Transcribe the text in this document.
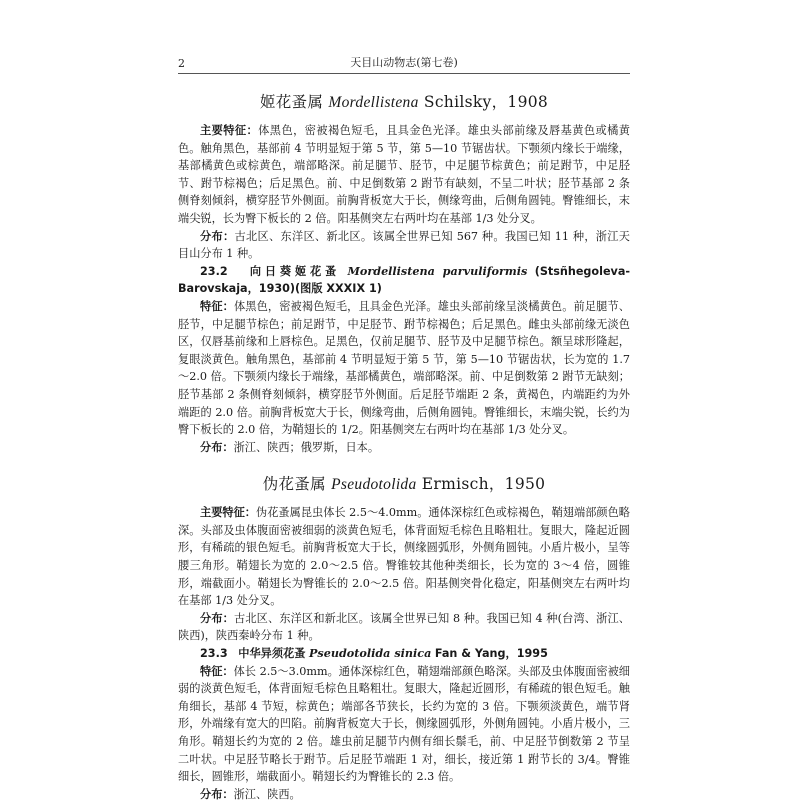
2	天目山动物志(第七卷)
姬花蚤属 Mordellistena Schilsky，1908

主要特征：体黑色，密被褐色短毛，且具金色光泽。雄虫头部前缘及唇基黄色或橘黄色。触角黑色，基部前 4 节明显短于第 5 节，第 5—10 节锯齿状。下颚须内缘长于端缘，基部橘黄色或棕黄色，端部略深。前足腿节、胫节，中足腿节棕黄色；前足跗节，中足胫节、跗节棕褐色；后足黑色。前、中足倒数第 2 跗节有缺刻，不呈二叶状；胫节基部 2 条侧脊刻倾斜，横穿胫节外侧面。前胸背板宽大于长，侧缘弯曲，后侧角圆钝。臀锥细长，末端尖锐，长为臀下板长的 2 倍。阳基侧突左右两叶均在基部 1/3 处分叉。

分布：古北区、东洋区、新北区。该属全世界已知 567 种。我国已知 11 种，浙江天目山分布 1 种。

23.2 向日葵姬花蚤 Mordellistena parvuliformis (Stsñhegoleva-Barovskaja，1930)(图版 XXXIX 1)

特征：体黑色，密被褐色短毛，且具金色光泽。雄虫头部前缘呈淡橘黄色。前足腿节、胫节，中足腿节棕色；前足跗节，中足胫节、跗节棕褐色；后足黑色。雌虫头部前缘无淡色区，仅唇基前缘和上唇棕色。足黑色，仅前足腿节、胫节及中足腿节棕色。额呈球形隆起，复眼淡黄色。触角黑色，基部前 4 节明显短于第 5 节，第 5—10 节锯齿状，长为宽的 1.7～2.0 倍。下颚须内缘长于端缘，基部橘黄色，端部略深。前、中足倒数第 2 跗节无缺刻；胫节基部 2 条侧脊刻倾斜，横穿胫节外侧面。后足胫节端距 2 条，黄褐色，内端距约为外端距的 2.0 倍。前胸背板宽大于长，侧缘弯曲，后侧角圆钝。臀锥细长，末端尖锐，长约为臀下板长的 2.0 倍，为鞘翅长的 1/2。阳基侧突左右两叶均在基部 1/3 处分叉。

分布：浙江、陕西；俄罗斯，日本。

伪花蚤属 Pseudotolida Ermisch，1950

主要特征：伪花蚤属昆虫体长 2.5～4.0mm。通体深棕红色或棕褐色，鞘翅端部颜色略深。头部及虫体腹面密被细弱的淡黄色短毛，体背面短毛棕色且略粗壮。复眼大，隆起近圆形，有稀疏的银色短毛。前胸背板宽大于长，侧缘圆弧形，外侧角圆钝。小盾片极小，呈等腰三角形。鞘翅长为宽的 2.0～2.5 倍。臀锥较其他种类细长，长为宽的 3～4 倍，圆锥形，端截面小。鞘翅长为臀锥长的 2.0～2.5 倍。阳基侧突骨化稳定，阳基侧突左右两叶均在基部 1/3 处分叉。

分布：古北区、东洋区和新北区。该属全世界已知 8 种。我国已知 4 种(台湾、浙江、陕西)，陕西秦岭分布 1 种。

23.3 中华异须花蚤 Pseudotolida sinica Fan & Yang，1995

特征：体长 2.5～3.0mm。通体深棕红色，鞘翅端部颜色略深。头部及虫体腹面密被细弱的淡黄色短毛，体背面短毛棕色且略粗壮。复眼大，隆起近圆形，有稀疏的银色短毛。触角细长，基部 4 节短，棕黄色；端部各节狭长，长约为宽的 3 倍。下颚须淡黄色，端节肾形，外端缘有宽大的凹陷。前胸背板宽大于长，侧缘圆弧形，外侧角圆钝。小盾片极小，三角形。鞘翅长约为宽的 2 倍。雄虫前足腿节内侧有细长鬃毛，前、中足胫节倒数第 2 节呈二叶状。中足胫节略长于跗节。后足胫节端距 1 对，细长，接近第 1 跗节长的 3/4。臀锥细长，圆锥形，端截面小。鞘翅长约为臀锥长的 2.3 倍。

分布：浙江、陕西。
